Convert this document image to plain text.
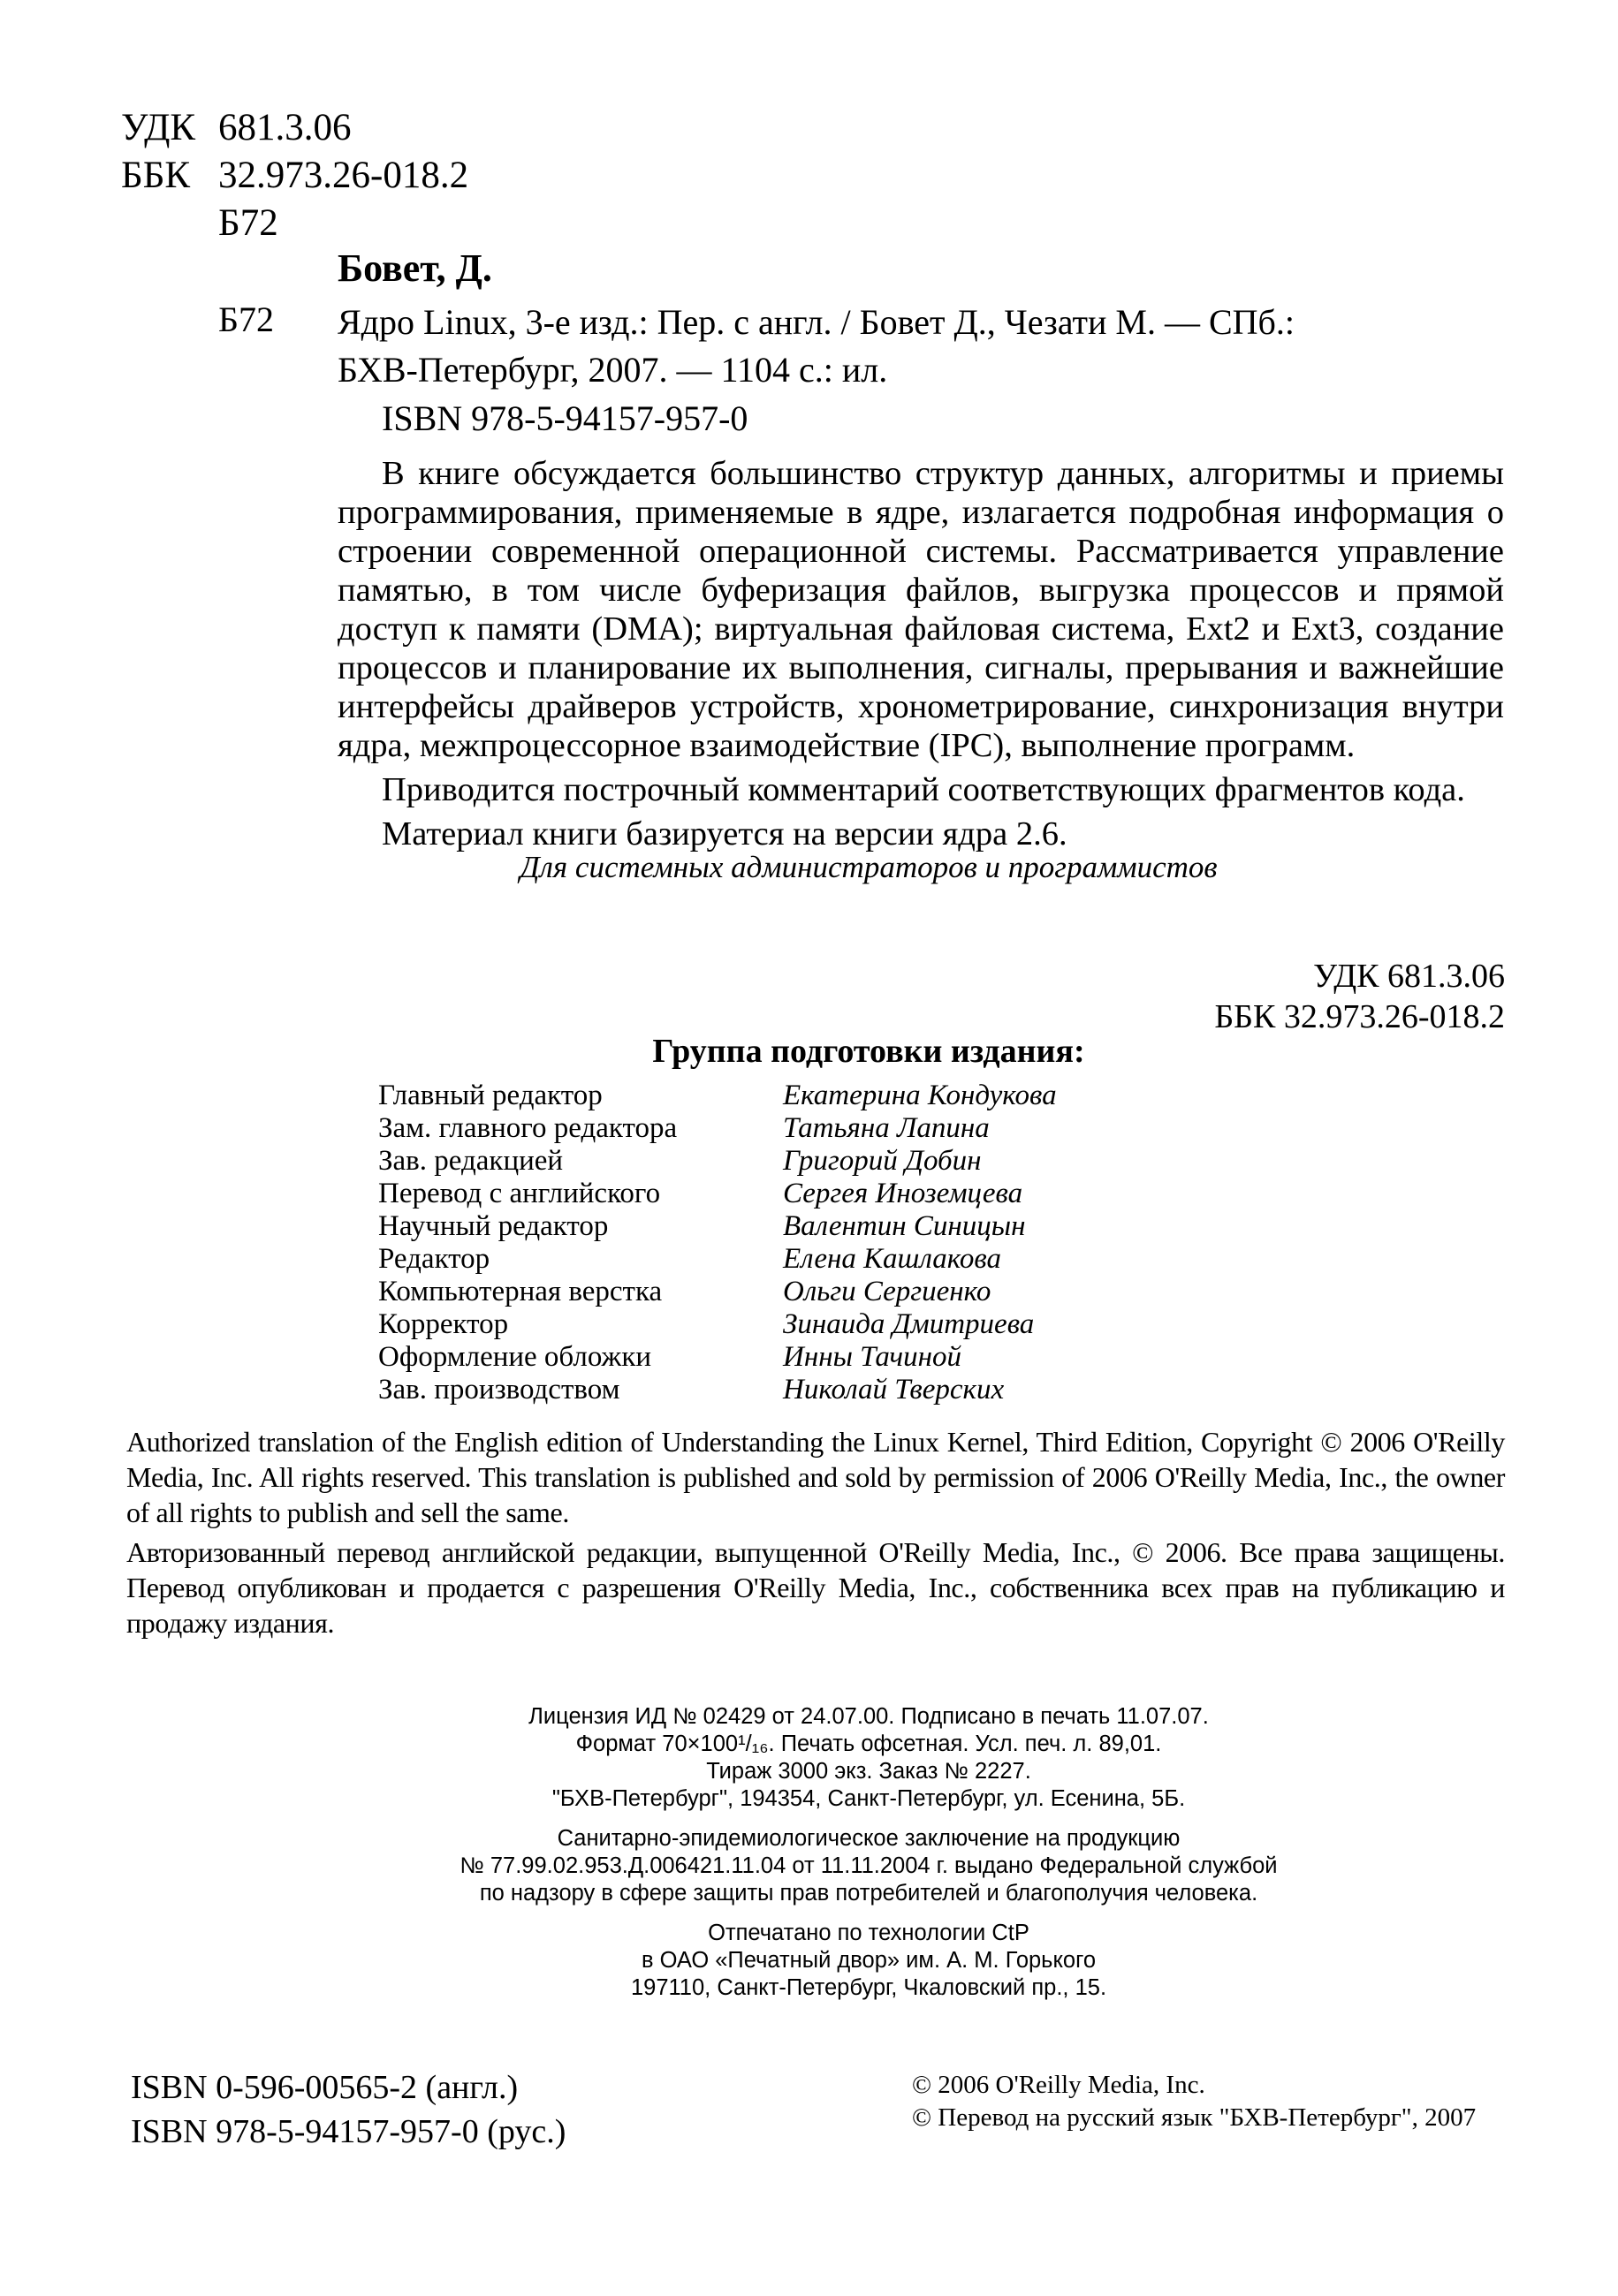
УДК 681.3.06
ББК 32.973.26-018.2
Б72
Бовет, Д.
Б72 Ядро Linux, 3-е изд.: Пер. с англ. / Бовет Д., Чезати М. — СПб.:
БХВ-Петербург, 2007. — 1104 с.: ил.
ISBN 978-5-94157-957-0

В книге обсуждается большинство структур данных, алгоритмы и приемы программирования, применяемые в ядре, излагается подробная информация о строении современной операционной системы. Рассматривается управление памятью, в том числе буферизация файлов, выгрузка процессов и прямой доступ к памяти (DMA); виртуальная файловая система, Ext2 и Ext3, создание процессов и планирование их выполнения, сигналы, прерывания и важнейшие интерфейсы драйверов устройств, хронометрирование, синхронизация внутри ядра, межпроцессорное взаимодействие (IPC), выполнение программ.

Приводится построчный комментарий соответствующих фрагментов кода.

Материал книги базируется на версии ядра 2.6.

Для системных администраторов и программистов
УДК 681.3.06
ББК 32.973.26-018.2
Группа подготовки издания:
Главный редактор	Екатерина Кондукова
Зам. главного редактора	Татьяна Лапина
Зав. редакцией	Григорий Добин
Перевод с английского	Сергея Иноземцева
Научный редактор	Валентин Синицын
Редактор	Елена Кашлакова
Компьютерная верстка	Ольги Сергиенко
Корректор	Зинаида Дмитриева
Оформление обложки	Инны Тачиной
Зав. производством	Николай Тверских

Authorized translation of the English edition of Understanding the Linux Kernel, Third Edition, Copyright © 2006 O'Reilly Media, Inc. All rights reserved. This translation is published and sold by permission of 2006 O'Reilly Media, Inc., the owner of all rights to publish and sell the same.

Авторизованный перевод английской редакции, выпущенной O'Reilly Media, Inc., © 2006. Все права защищены. Перевод опубликован и продается с разрешения O'Reilly Media, Inc., собственника всех прав на публикацию и продажу издания.

Лицензия ИД № 02429 от 24.07.00. Подписано в печать 11.07.07.
Формат 70×100¹/₁₆. Печать офсетная. Усл. печ. л. 89,01.
Тираж 3000 экз. Заказ № 2227.
"БХВ-Петербург", 194354, Санкт-Петербург, ул. Есенина, 5Б.
Санитарно-эпидемиологическое заключение на продукцию
№ 77.99.02.953.Д.006421.11.04 от 11.11.2004 г. выдано Федеральной службой
по надзору в сфере защиты прав потребителей и благополучия человека.
Отпечатано по технологии CtP
в ОАО «Печатный двор» им. А. М. Горького
197110, Санкт-Петербург, Чкаловский пр., 15.
ISBN 0-596-00565-2 (англ.)
ISBN 978-5-94157-957-0 (рус.)
© 2006 O'Reilly Media, Inc.
© Перевод на русский язык "БХВ-Петербург", 2007
